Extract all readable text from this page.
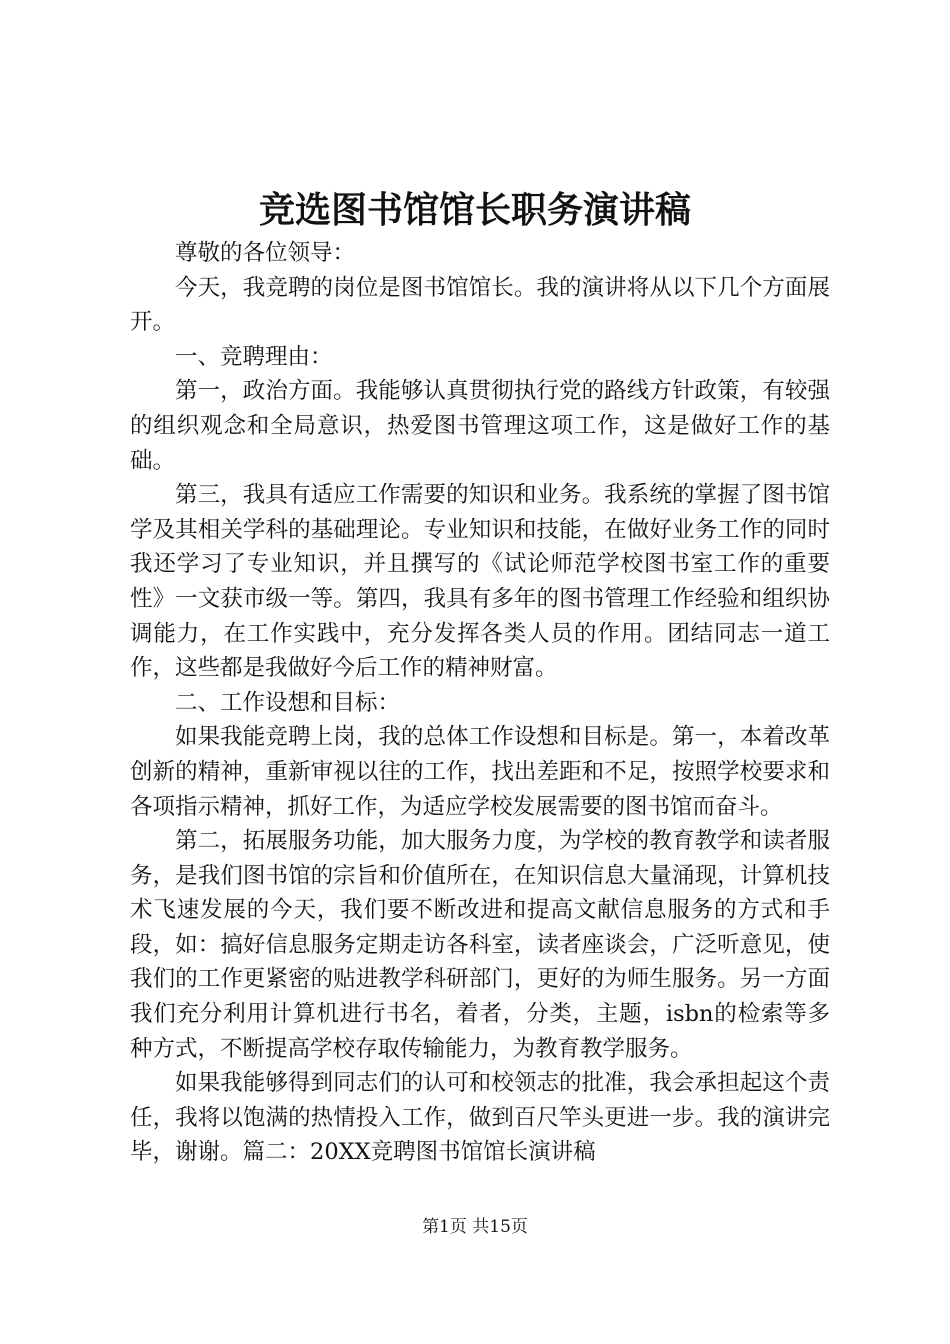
竞选图书馆馆长职务演讲稿

尊敬的各位领导：

今天，我竞聘的岗位是图书馆馆长。我的演讲将从以下几个方面展开。

一、竞聘理由：

第一，政治方面。我能够认真贯彻执行党的路线方针政策，有较强的组织观念和全局意识，热爱图书管理这项工作，这是做好工作的基础。

第三，我具有适应工作需要的知识和业务。我系统的掌握了图书馆学及其相关学科的基础理论。专业知识和技能，在做好业务工作的同时我还学习了专业知识，并且撰写的《试论师范学校图书室工作的重要性》一文获市级一等。第四，我具有多年的图书管理工作经验和组织协调能力，在工作实践中，充分发挥各类人员的作用。团结同志一道工作，这些都是我做好今后工作的精神财富。

二、工作设想和目标：

如果我能竞聘上岗，我的总体工作设想和目标是。第一，本着改革创新的精神，重新审视以往的工作，找出差距和不足，按照学校要求和各项指示精神，抓好工作，为适应学校发展需要的图书馆而奋斗。

第二，拓展服务功能，加大服务力度，为学校的教育教学和读者服务，是我们图书馆的宗旨和价值所在，在知识信息大量涌现，计算机技术飞速发展的今天，我们要不断改进和提高文献信息服务的方式和手段，如：搞好信息服务定期走访各科室，读者座谈会，广泛听意见，使我们的工作更紧密的贴进教学科研部门，更好的为师生服务。另一方面我们充分利用计算机进行书名，着者，分类，主题，isbn的检索等多种方式，不断提高学校存取传输能力，为教育教学服务。

如果我能够得到同志们的认可和校领志的批准，我会承担起这个责任，我将以饱满的热情投入工作，做到百尺竿头更进一步。我的演讲完毕，谢谢。篇二：20XX竞聘图书馆馆长演讲稿

第1页 共15页
